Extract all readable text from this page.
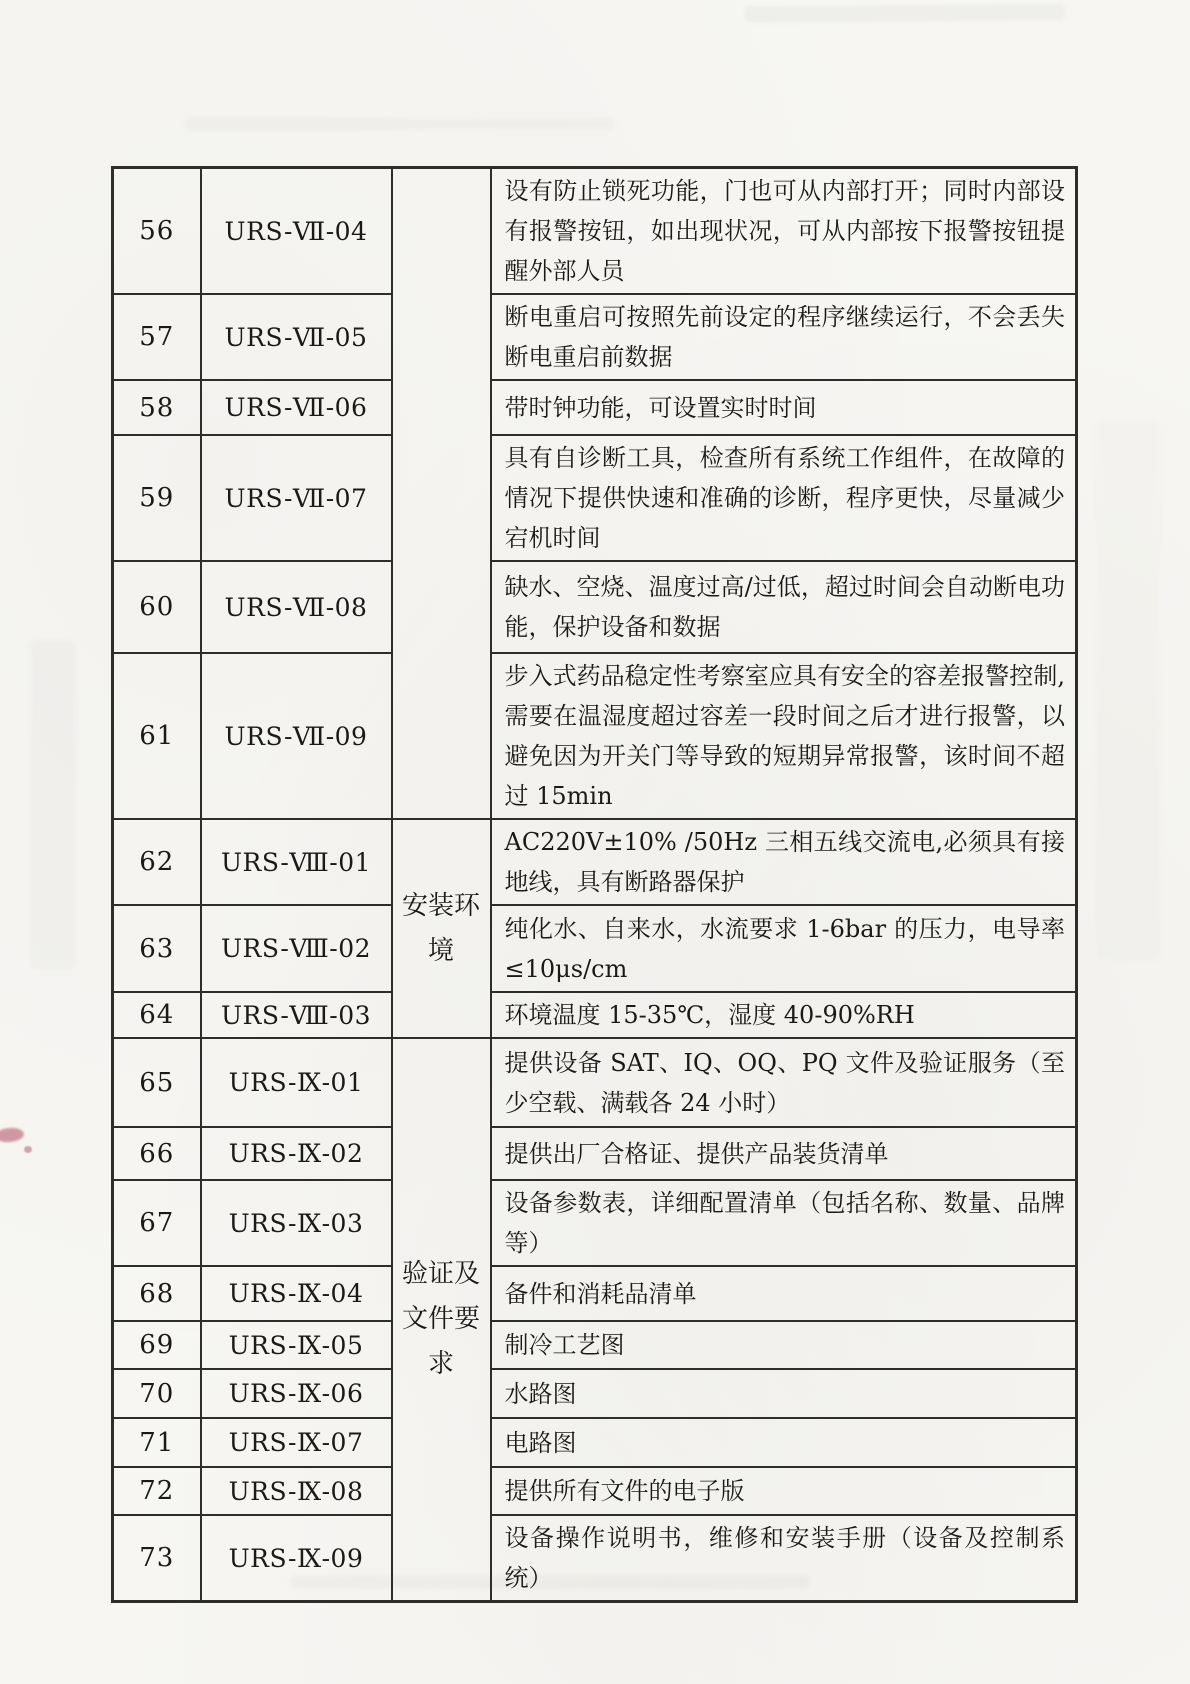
56	URS-Ⅶ-04		设有防止锁死功能，门也可从内部打开；同时内部设有报警按钮，如出现状况，可从内部按下报警按钮提醒外部人员
57	URS-Ⅶ-05		断电重启可按照先前设定的程序继续运行，不会丢失断电重启前数据
58	URS-Ⅶ-06		带时钟功能，可设置实时时间
59	URS-Ⅶ-07		具有自诊断工具，检查所有系统工作组件，在故障的情况下提供快速和准确的诊断，程序更快，尽量减少宕机时间
60	URS-Ⅶ-08		缺水、空烧、温度过高/过低，超过时间会自动断电功能，保护设备和数据
61	URS-Ⅶ-09		步入式药品稳定性考察室应具有安全的容差报警控制,需要在温湿度超过容差一段时间之后才进行报警，以避免因为开关门等导致的短期异常报警，该时间不超过 15min
62	URS-Ⅷ-01	安装环境	AC220V±10% /50Hz 三相五线交流电,必须具有接地线，具有断路器保护
63	URS-Ⅷ-02		纯化水、自来水，水流要求 1-6bar 的压力，电导率≤10μs/cm
64	URS-Ⅷ-03		环境温度 15-35℃，湿度 40-90%RH
65	URS-Ⅸ-01	验证及文件要求	提供设备 SAT、IQ、OQ、PQ 文件及验证服务（至少空载、满载各 24 小时）
66	URS-Ⅸ-02		提供出厂合格证、提供产品装货清单
67	URS-Ⅸ-03		设备参数表，详细配置清单（包括名称、数量、品牌等）
68	URS-Ⅸ-04		备件和消耗品清单
69	URS-Ⅸ-05		制冷工艺图
70	URS-Ⅸ-06		水路图
71	URS-Ⅸ-07		电路图
72	URS-Ⅸ-08		提供所有文件的电子版
73	URS-Ⅸ-09		设备操作说明书，维修和安装手册（设备及控制系统）
